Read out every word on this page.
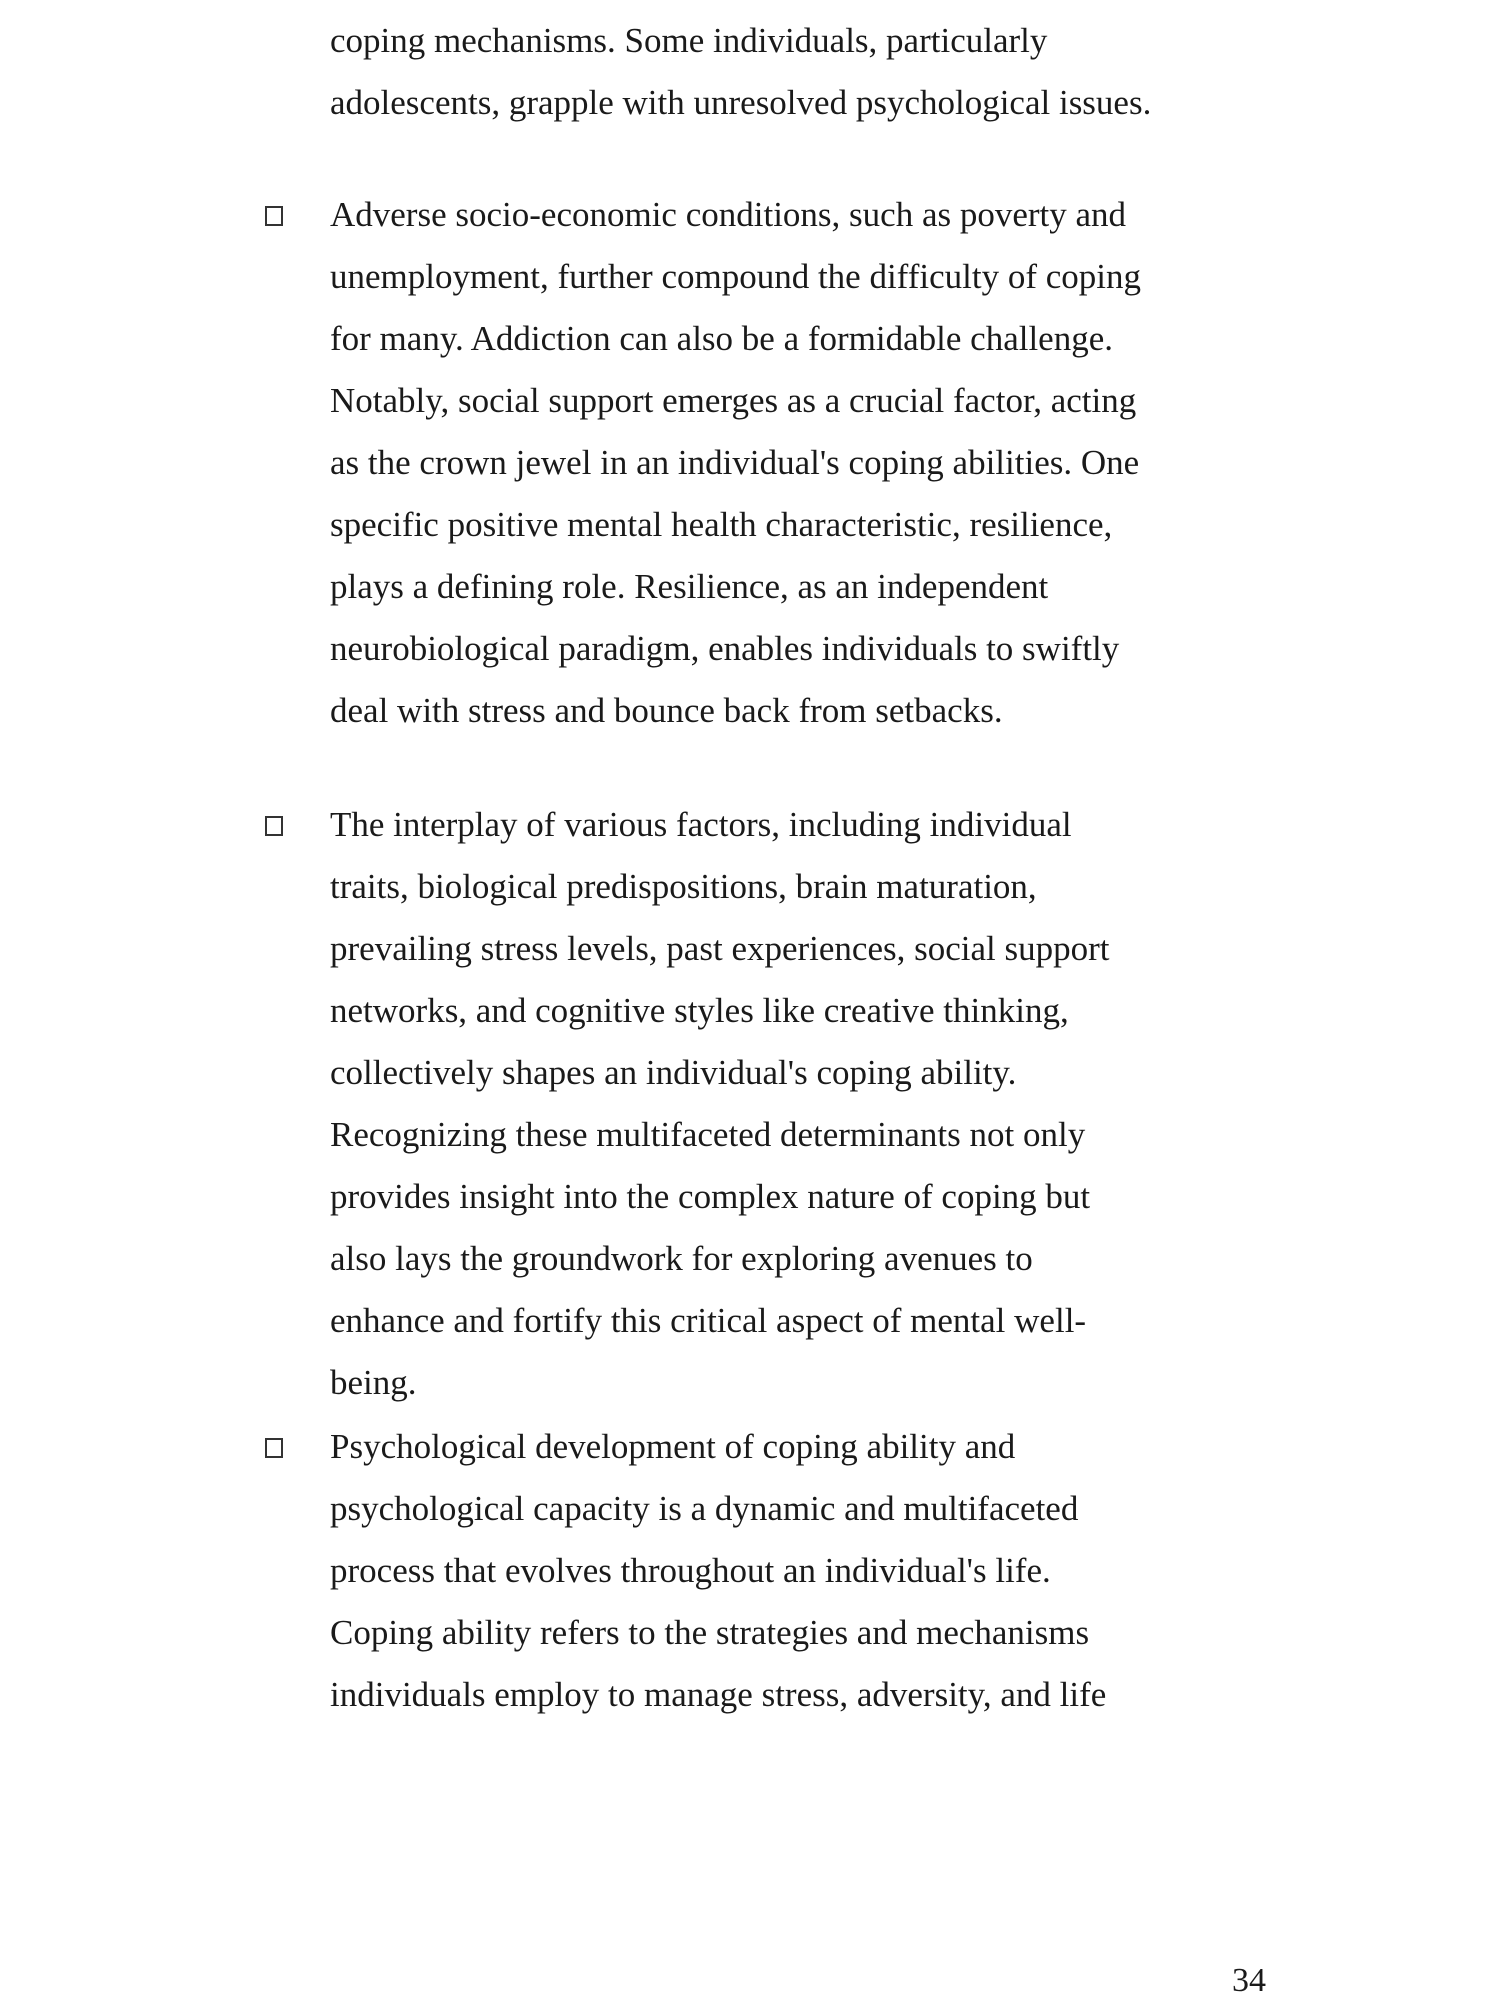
coping mechanisms. Some individuals, particularly
adolescents, grapple with unresolved psychological issues.
Adverse socio-economic conditions, such as poverty and
unemployment, further compound the difficulty of coping
for many. Addiction can also be a formidable challenge.
Notably, social support emerges as a crucial factor, acting
as the crown jewel in an individual's coping abilities. One
specific positive mental health characteristic, resilience,
plays a defining role. Resilience, as an independent
neurobiological paradigm, enables individuals to swiftly
deal with stress and bounce back from setbacks.
The interplay of various factors, including individual
traits, biological predispositions, brain maturation,
prevailing stress levels, past experiences, social support
networks, and cognitive styles like creative thinking,
collectively shapes an individual's coping ability.
Recognizing these multifaceted determinants not only
provides insight into the complex nature of coping but
also lays the groundwork for exploring avenues to
enhance and fortify this critical aspect of mental well-
being.
Psychological development of coping ability and
psychological capacity is a dynamic and multifaceted
process that evolves throughout an individual's life.
Coping ability refers to the strategies and mechanisms
individuals employ to manage stress, adversity, and life
34
